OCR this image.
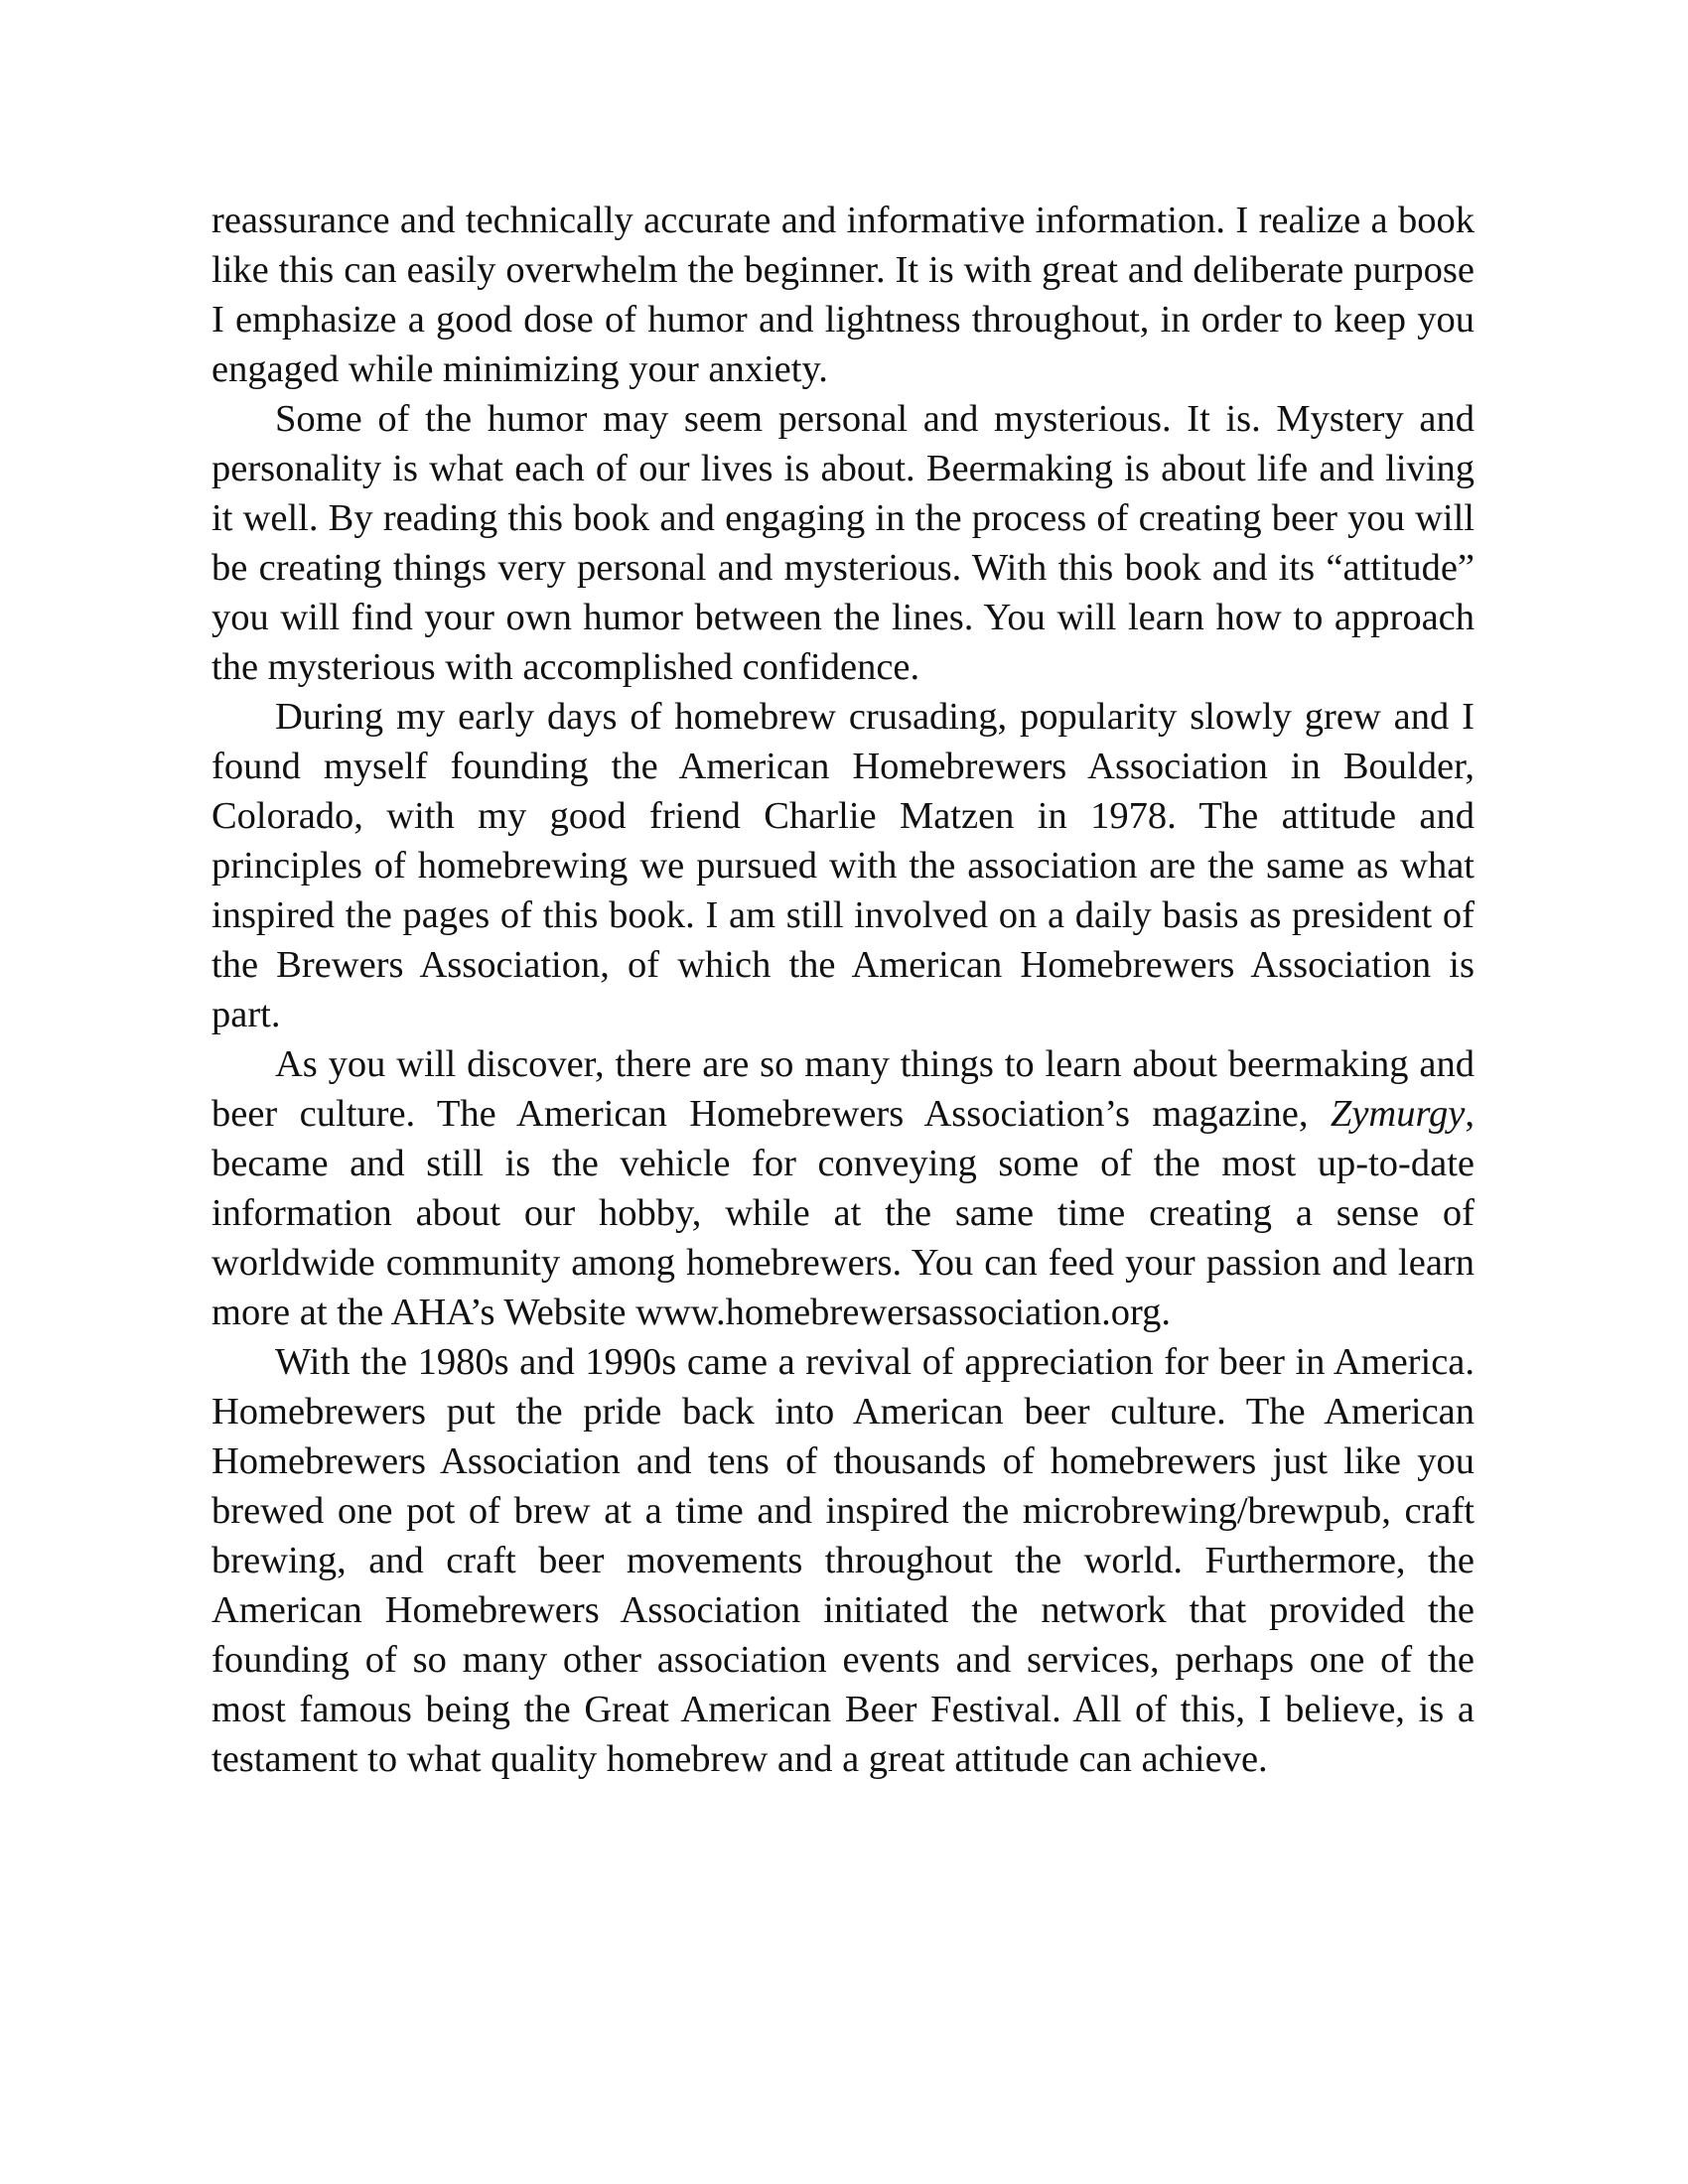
reassurance and technically accurate and informative information. I realize a book like this can easily overwhelm the beginner. It is with great and deliberate purpose I emphasize a good dose of humor and lightness throughout, in order to keep you engaged while minimizing your anxiety.

Some of the humor may seem personal and mysterious. It is. Mystery and personality is what each of our lives is about. Beermaking is about life and living it well. By reading this book and engaging in the process of creating beer you will be creating things very personal and mysterious. With this book and its “attitude” you will find your own humor between the lines. You will learn how to approach the mysterious with accomplished confidence.

During my early days of homebrew crusading, popularity slowly grew and I found myself founding the American Homebrewers Association in Boulder, Colorado, with my good friend Charlie Matzen in 1978. The attitude and principles of homebrewing we pursued with the association are the same as what inspired the pages of this book. I am still involved on a daily basis as president of the Brewers Association, of which the American Homebrewers Association is part.

As you will discover, there are so many things to learn about beermaking and beer culture. The American Homebrewers Association’s magazine, Zymurgy, became and still is the vehicle for conveying some of the most up-to-date information about our hobby, while at the same time creating a sense of worldwide community among homebrewers. You can feed your passion and learn more at the AHA’s Website www.homebrewersassociation.org.

With the 1980s and 1990s came a revival of appreciation for beer in America. Homebrewers put the pride back into American beer culture. The American Homebrewers Association and tens of thousands of homebrewers just like you brewed one pot of brew at a time and inspired the microbrewing/brewpub, craft brewing, and craft beer movements throughout the world. Furthermore, the American Homebrewers Association initiated the network that provided the founding of so many other association events and services, perhaps one of the most famous being the Great American Beer Festival. All of this, I believe, is a testament to what quality homebrew and a great attitude can achieve.
